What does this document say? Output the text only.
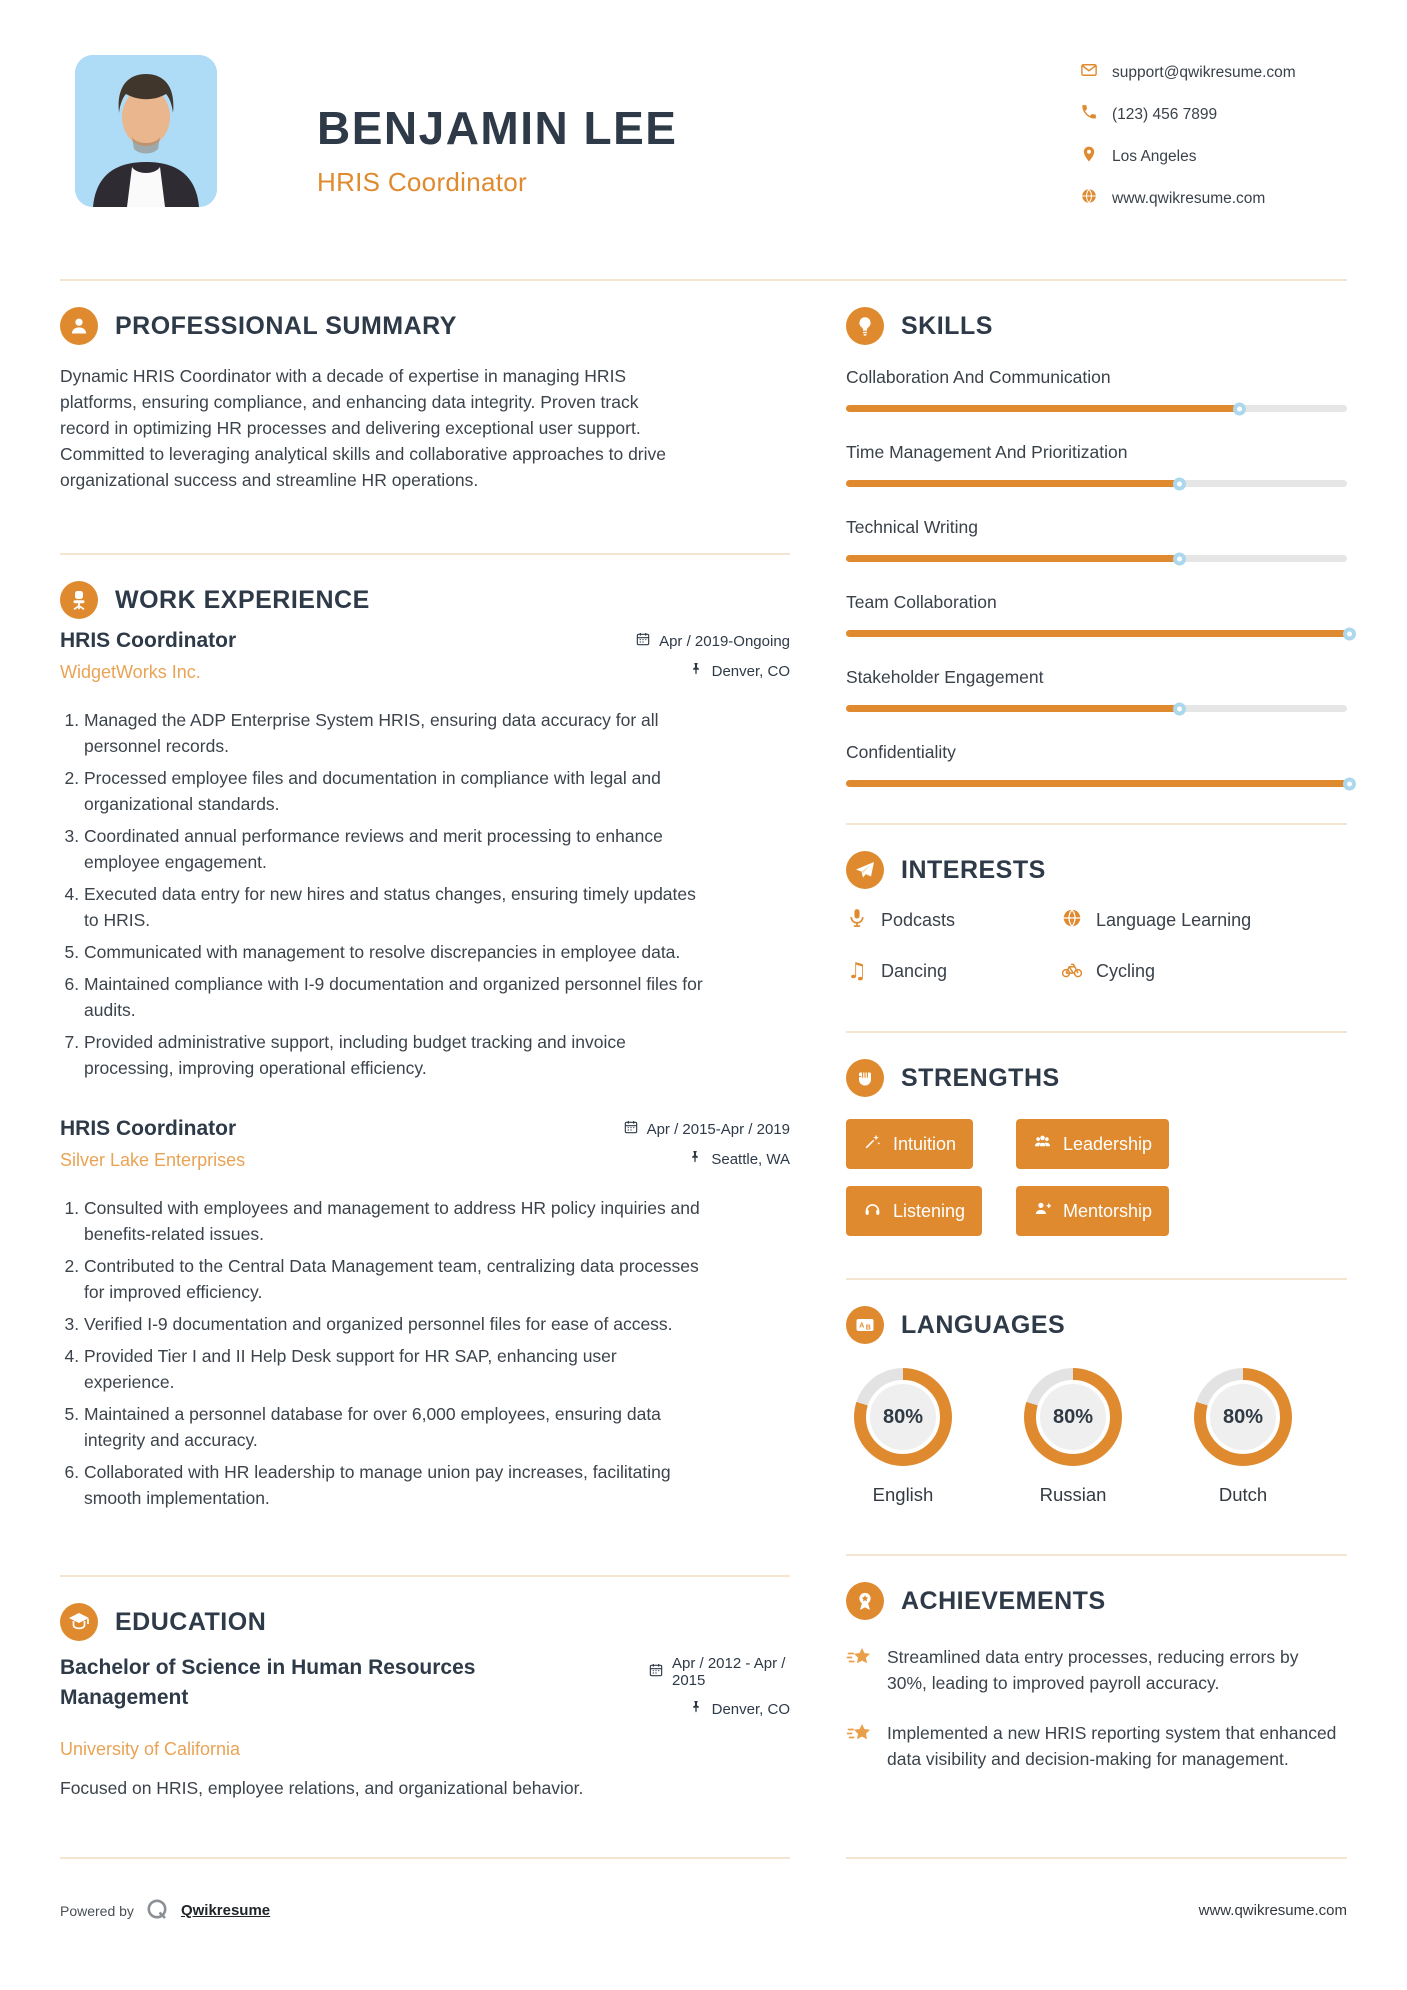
BENJAMIN LEE
HRIS Coordinator
support@qwikresume.com
(123) 456 7899
Los Angeles
www.qwikresume.com
PROFESSIONAL SUMMARY

Dynamic HRIS Coordinator with a decade of expertise in managing HRIS platforms, ensuring compliance, and enhancing data integrity. Proven track record in optimizing HR processes and delivering exceptional user support. Committed to leveraging analytical skills and collaborative approaches to drive organizational success and streamline HR operations.

WORK EXPERIENCE
HRIS Coordinator
WidgetWorks Inc.
Apr / 2019-Ongoing
Denver, CO
1. Managed the ADP Enterprise System HRIS, ensuring data accuracy for all personnel records.
2. Processed employee files and documentation in compliance with legal and organizational standards.
3. Coordinated annual performance reviews and merit processing to enhance employee engagement.
4. Executed data entry for new hires and status changes, ensuring timely updates to HRIS.
5. Communicated with management to resolve discrepancies in employee data.
6. Maintained compliance with I-9 documentation and organized personnel files for audits.
7. Provided administrative support, including budget tracking and invoice processing, improving operational efficiency.
HRIS Coordinator
Silver Lake Enterprises
Apr / 2015-Apr / 2019
Seattle, WA
1. Consulted with employees and management to address HR policy inquiries and benefits-related issues.
2. Contributed to the Central Data Management team, centralizing data processes for improved efficiency.
3. Verified I-9 documentation and organized personnel files for ease of access.
4. Provided Tier I and II Help Desk support for HR SAP, enhancing user experience.
5. Maintained a personnel database for over 6,000 employees, ensuring data integrity and accuracy.
6. Collaborated with HR leadership to manage union pay increases, facilitating smooth implementation.
EDUCATION
Bachelor of Science in Human Resources Management
Apr / 2012 - Apr / 2015
Denver, CO
University of California

Focused on HRIS, employee relations, and organizational behavior.

SKILLS
Collaboration And Communication
Time Management And Prioritization
Technical Writing
Team Collaboration
Stakeholder Engagement
Confidentiality
INTERESTS
Podcasts	Language Learning
♫ Dancing	Cycling
STRENGTHS
Intuition	Leadership
Listening	Mentorship
A B LANGUAGES
80%
English
80%
Russian
80%
Dutch
ACHIEVEMENTS

Streamlined data entry processes, reducing errors by 30%, leading to improved payroll accuracy.

Implemented a new HRIS reporting system that enhanced data visibility and decision-making for management.

Powered by	Qwikresume	www.qwikresume.com
